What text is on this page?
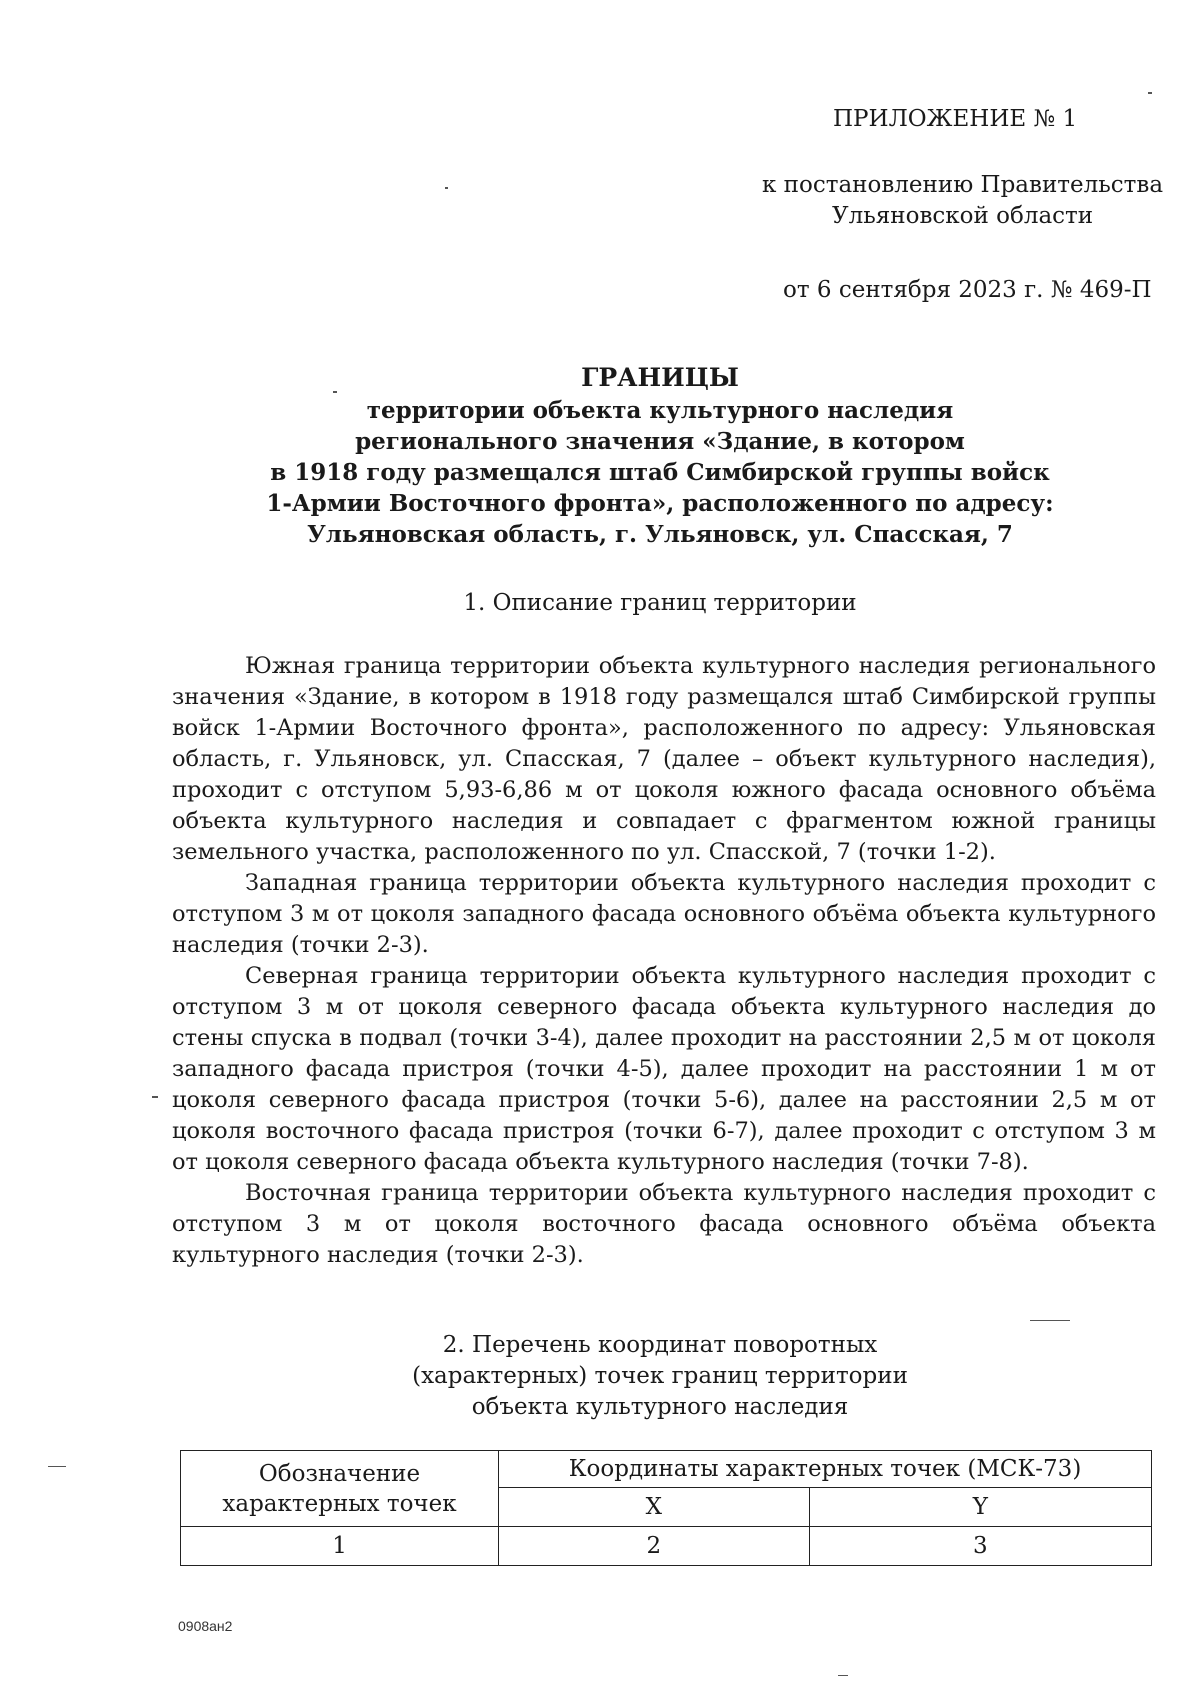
ПРИЛОЖЕНИЕ № 1
к постановлению Правительства
Ульяновской области
от 6 сентября 2023 г. № 469-П
ГРАНИЦЫ
территории объекта культурного наследия
регионального значения «Здание, в котором
в 1918 году размещался штаб Симбирской группы войск
1-Армии Восточного фронта», расположенного по адресу:
Ульяновская область, г. Ульяновск, ул. Спасская, 7
1. Описание границ территории

Южная граница территории объекта культурного наследия регионального значения «Здание, в котором в 1918 году размещался штаб Симбирской группы войск 1-Армии Восточного фронта», расположенного по адресу: Ульяновская область, г. Ульяновск, ул. Спасская, 7 (далее – объект культурного наследия), проходит с отступом 5,93-6,86 м от цоколя южного фасада основного объёма объекта культурного наследия и совпадает с фрагментом южной границы земельного участка, расположенного по ул. Спасской, 7 (точки 1-2).

Западная граница территории объекта культурного наследия проходит с отступом 3 м от цоколя западного фасада основного объёма объекта культурного наследия (точки 2-3).

Северная граница территории объекта культурного наследия проходит с отступом 3 м от цоколя северного фасада объекта культурного наследия до стены спуска в подвал (точки 3-4), далее проходит на расстоянии 2,5 м от цоколя западного фасада пристроя (точки 4-5), далее проходит на расстоянии 1 м от цоколя северного фасада пристроя (точки 5-6), далее на расстоянии 2,5 м от цоколя восточного фасада пристроя (точки 6-7), далее проходит с отступом 3 м от цоколя северного фасада объекта культурного наследия (точки 7-8).

Восточная граница территории объекта культурного наследия проходит с отступом 3 м от цоколя восточного фасада основного объёма объекта культурного наследия (точки 2-3).

2. Перечень координат поворотных
(характерных) точек границ территории
объекта культурного наследия
Обозначение характерных точек	Координаты характерных точек (МСК-73)	
	X	Y
1	2	3
0908ан2
